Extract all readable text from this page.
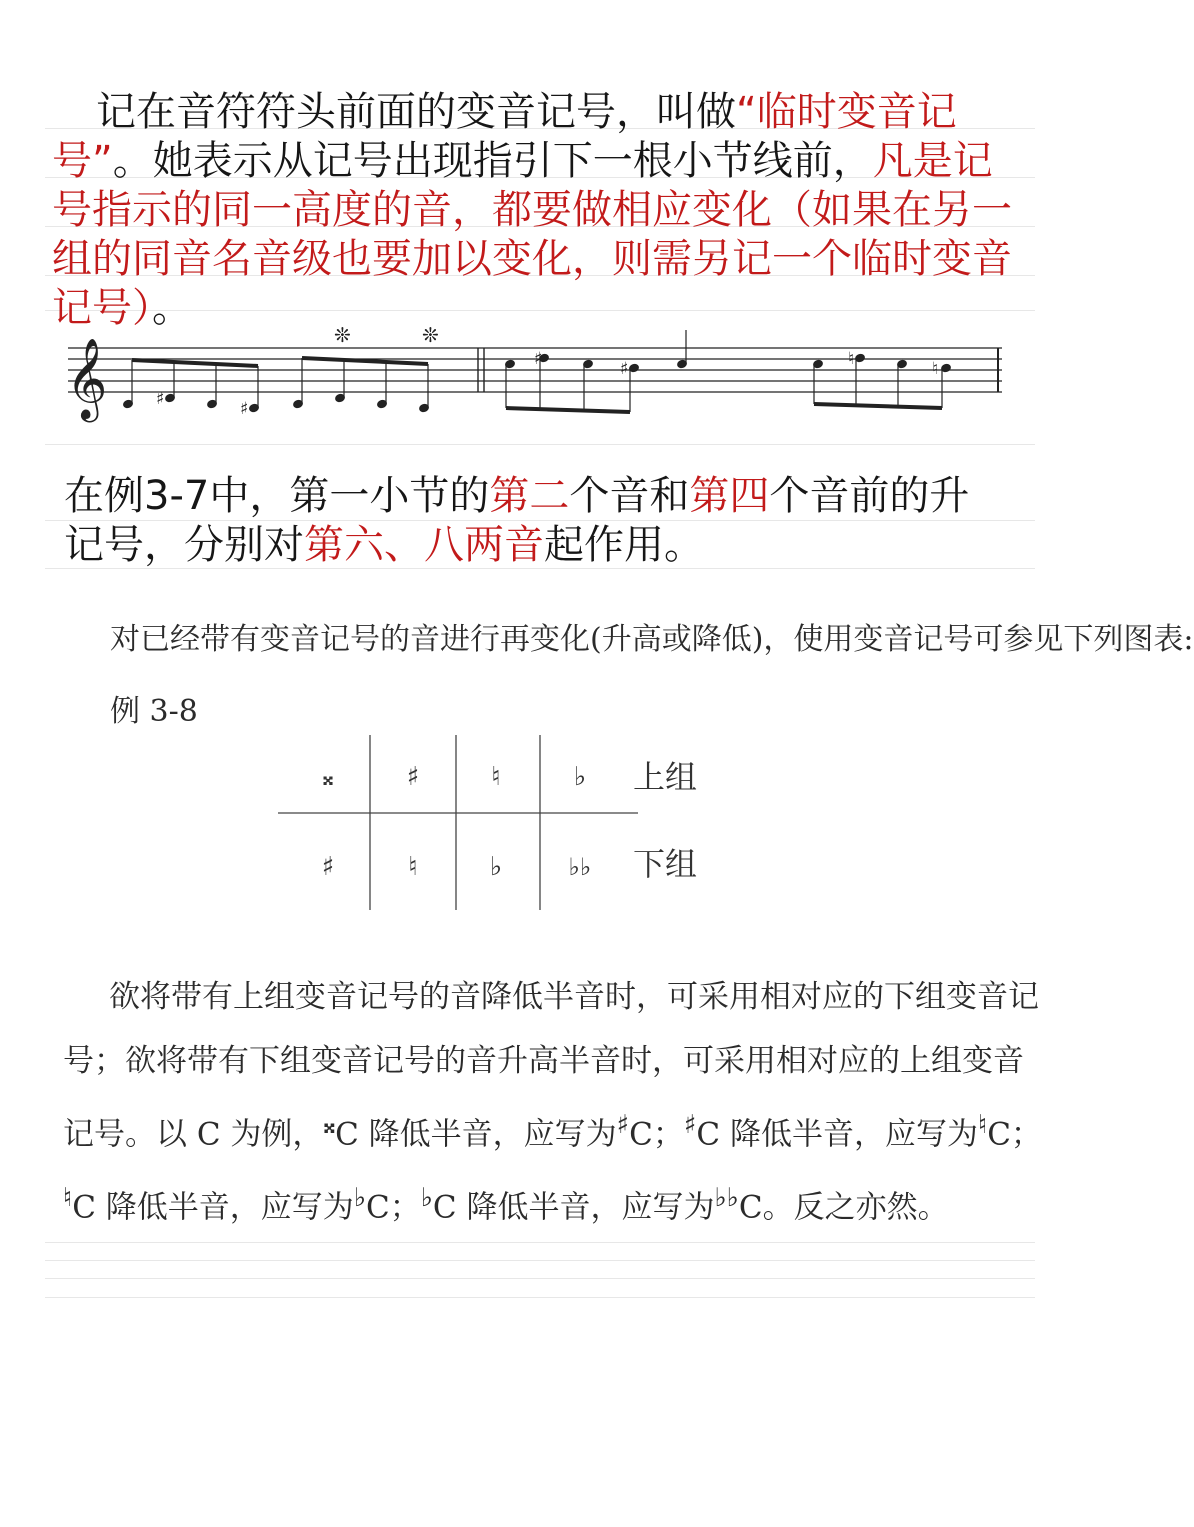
记在音符符头前面的变音记号，叫做“临时变音记号”。她表示从记号出现指引下一根小节线前，凡是记号指示的同一高度的音，都要做相应变化（如果在另一组的同音名音级也要加以变化，则需另记一个临时变音记号）。
𝄞	♯	♯
❊	❊
♯	♯	♮	♮
在例3-7中，第一小节的第二个音和第四个音前的升记号，分别对第六、八两音起作用。
对已经带有变音记号的音进行再变化(升高或降低)，使用变音记号可参见下列图表:
例 3-8
𝄪	♯	♮	♭ 上组
♯	♮	♭	♭♭ 下组
欲将带有上组变音记号的音降低半音时，可采用相对应的下组变音记号；欲将带有下组变音记号的音升高半音时，可采用相对应的上组变音记号。以 C 为例，𝄪C 降低半音，应写为♯C；♯C 降低半音，应写为♮C；♮C 降低半音，应写为♭C；♭C 降低半音，应写为♭♭C。反之亦然。
